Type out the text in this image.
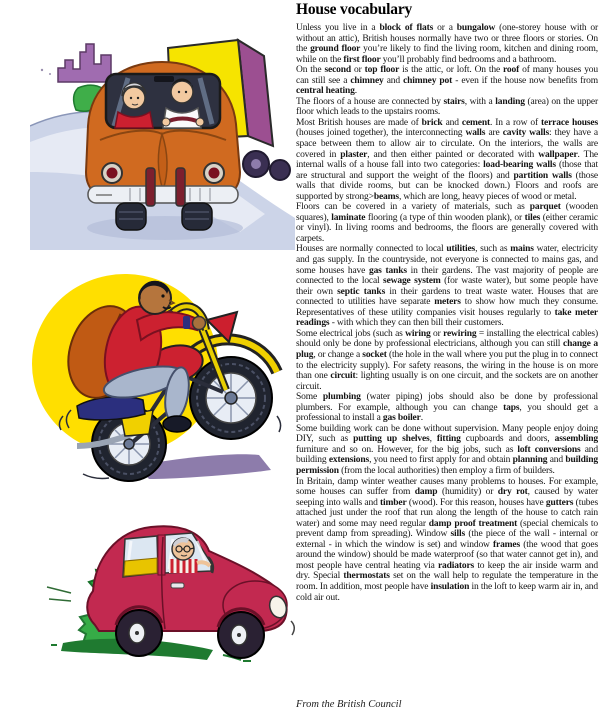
House vocabulary

Unless you live in a block of flats or a bungalow (one-storey house with or without an attic), British houses normally have two or three floors or stories. On the ground floor you’re likely to find the living room, kitchen and dining room, while on the first floor you’ll probably find bedrooms and a bathroom.

On the second or top floor is the attic, or loft. On the roof of many houses you can still see a chimney and chimney pot - even if the house now benefits from central heating.

The floors of a house are connected by stairs, with a landing (area) on the upper floor which leads to the upstairs rooms.

Most British houses are made of brick and cement. In a row of terrace houses (houses joined together), the interconnecting walls are cavity walls: they have a space between them to allow air to circulate. On the interiors, the walls are covered in plaster, and then either painted or decorated with wallpaper. The internal walls of a house fall into two categories: load-bearing walls (those that are structural and support the weight of the floors) and partition walls (those walls that divide rooms, but can be knocked down.) Floors and roofs are supported by strong>beams, which are long, heavy pieces of wood or metal.

Floors can be covered in a variety of materials, such as parquet (wooden squares), laminate flooring (a type of thin wooden plank), or tiles (either ceramic or vinyl). In living rooms and bedrooms, the floors are generally covered with carpets.

Houses are normally connected to local utilities, such as mains water, electricity and gas supply. In the countryside, not everyone is connected to mains gas, and some houses have gas tanks in their gardens. The vast majority of people are connected to the local sewage system (for waste water), but some people have their own septic tanks in their gardens to treat waste water. Houses that are connected to utilities have separate meters to show how much they consume. Representatives of these utility companies visit houses regularly to take meter readings - with which they can then bill their customers.

Some electrical jobs (such as wiring or rewiring = installing the electrical cables) should only be done by professional electricians, although you can still change a plug, or change a socket (the hole in the wall where you put the plug in to connect to the electricity supply). For safety reasons, the wiring in the house is on more than one circuit: lighting usually is on one circuit, and the sockets are on another circuit.

Some plumbing (water piping) jobs should also be done by professional plumbers. For example, although you can change taps, you should get a professional to install a gas boiler.

Some building work can be done without supervision. Many people enjoy doing DIY, such as putting up shelves, fitting cupboards and doors, assembling furniture and so on. However, for the big jobs, such as loft conversions and building extensions, you need to first apply for and obtain planning and building permission (from the local authorities) then employ a firm of builders.

In Britain, damp winter weather causes many problems to houses. For example, some houses can suffer from damp (humidity) or dry rot, caused by water seeping into walls and timber (wood). For this reason, houses have gutters (tubes attached just under the roof that run along the length of the house to catch rain water) and some may need regular damp proof treatment (special chemicals to prevent damp from spreading). Window sills (the piece of the wall - internal or external - in which the window is set) and window frames (the wood that goes around the window) should be made waterproof (so that water cannot get in), and most people have central heating via radiators to keep the air inside warm and dry. Special thermostats set on the wall help to regulate the temperature in the room. In addition, most people have insulation in the loft to keep warm air in, and cold air out.

From the British Council
